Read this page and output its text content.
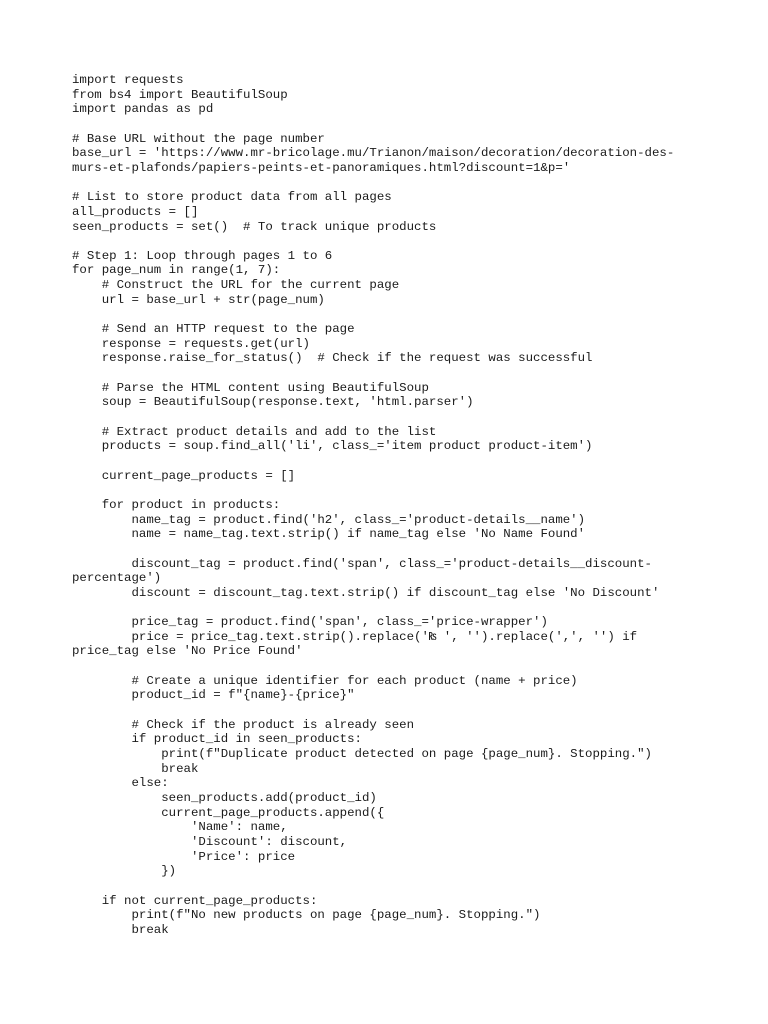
import requests
from bs4 import BeautifulSoup
import pandas as pd
# Base URL without the page number
base_url = 'https://www.mr-bricolage.mu/Trianon/maison/decoration/decoration-des-
murs-et-plafonds/papiers-peints-et-panoramiques.html?discount=1&p='
# List to store product data from all pages
all_products = []
seen_products = set()  # To track unique products
# Step 1: Loop through pages 1 to 6
for page_num in range(1, 7):
# Construct the URL for the current page
url = base_url + str(page_num)
# Send an HTTP request to the page
response = requests.get(url)
response.raise_for_status()  # Check if the request was successful
# Parse the HTML content using BeautifulSoup
soup = BeautifulSoup(response.text, 'html.parser')
# Extract product details and add to the list
products = soup.find_all('li', class_='item product product-item')
current_page_products = []
for product in products:
name_tag = product.find('h2', class_='product-details__name')
name = name_tag.text.strip() if name_tag else 'No Name Found'
discount_tag = product.find('span', class_='product-details__discount-
percentage')
discount = discount_tag.text.strip() if discount_tag else 'No Discount'
price_tag = product.find('span', class_='price-wrapper')
price = price_tag.text.strip().replace('₨ ', '').replace(',', '') if
price_tag else 'No Price Found'
# Create a unique identifier for each product (name + price)
product_id = f"{name}-{price}"
# Check if the product is already seen
if product_id in seen_products:
print(f"Duplicate product detected on page {page_num}. Stopping.")
break
else:
seen_products.add(product_id)
current_page_products.append({
'Name': name,
'Discount': discount,
'Price': price
})
if not current_page_products:
print(f"No new products on page {page_num}. Stopping.")
break
